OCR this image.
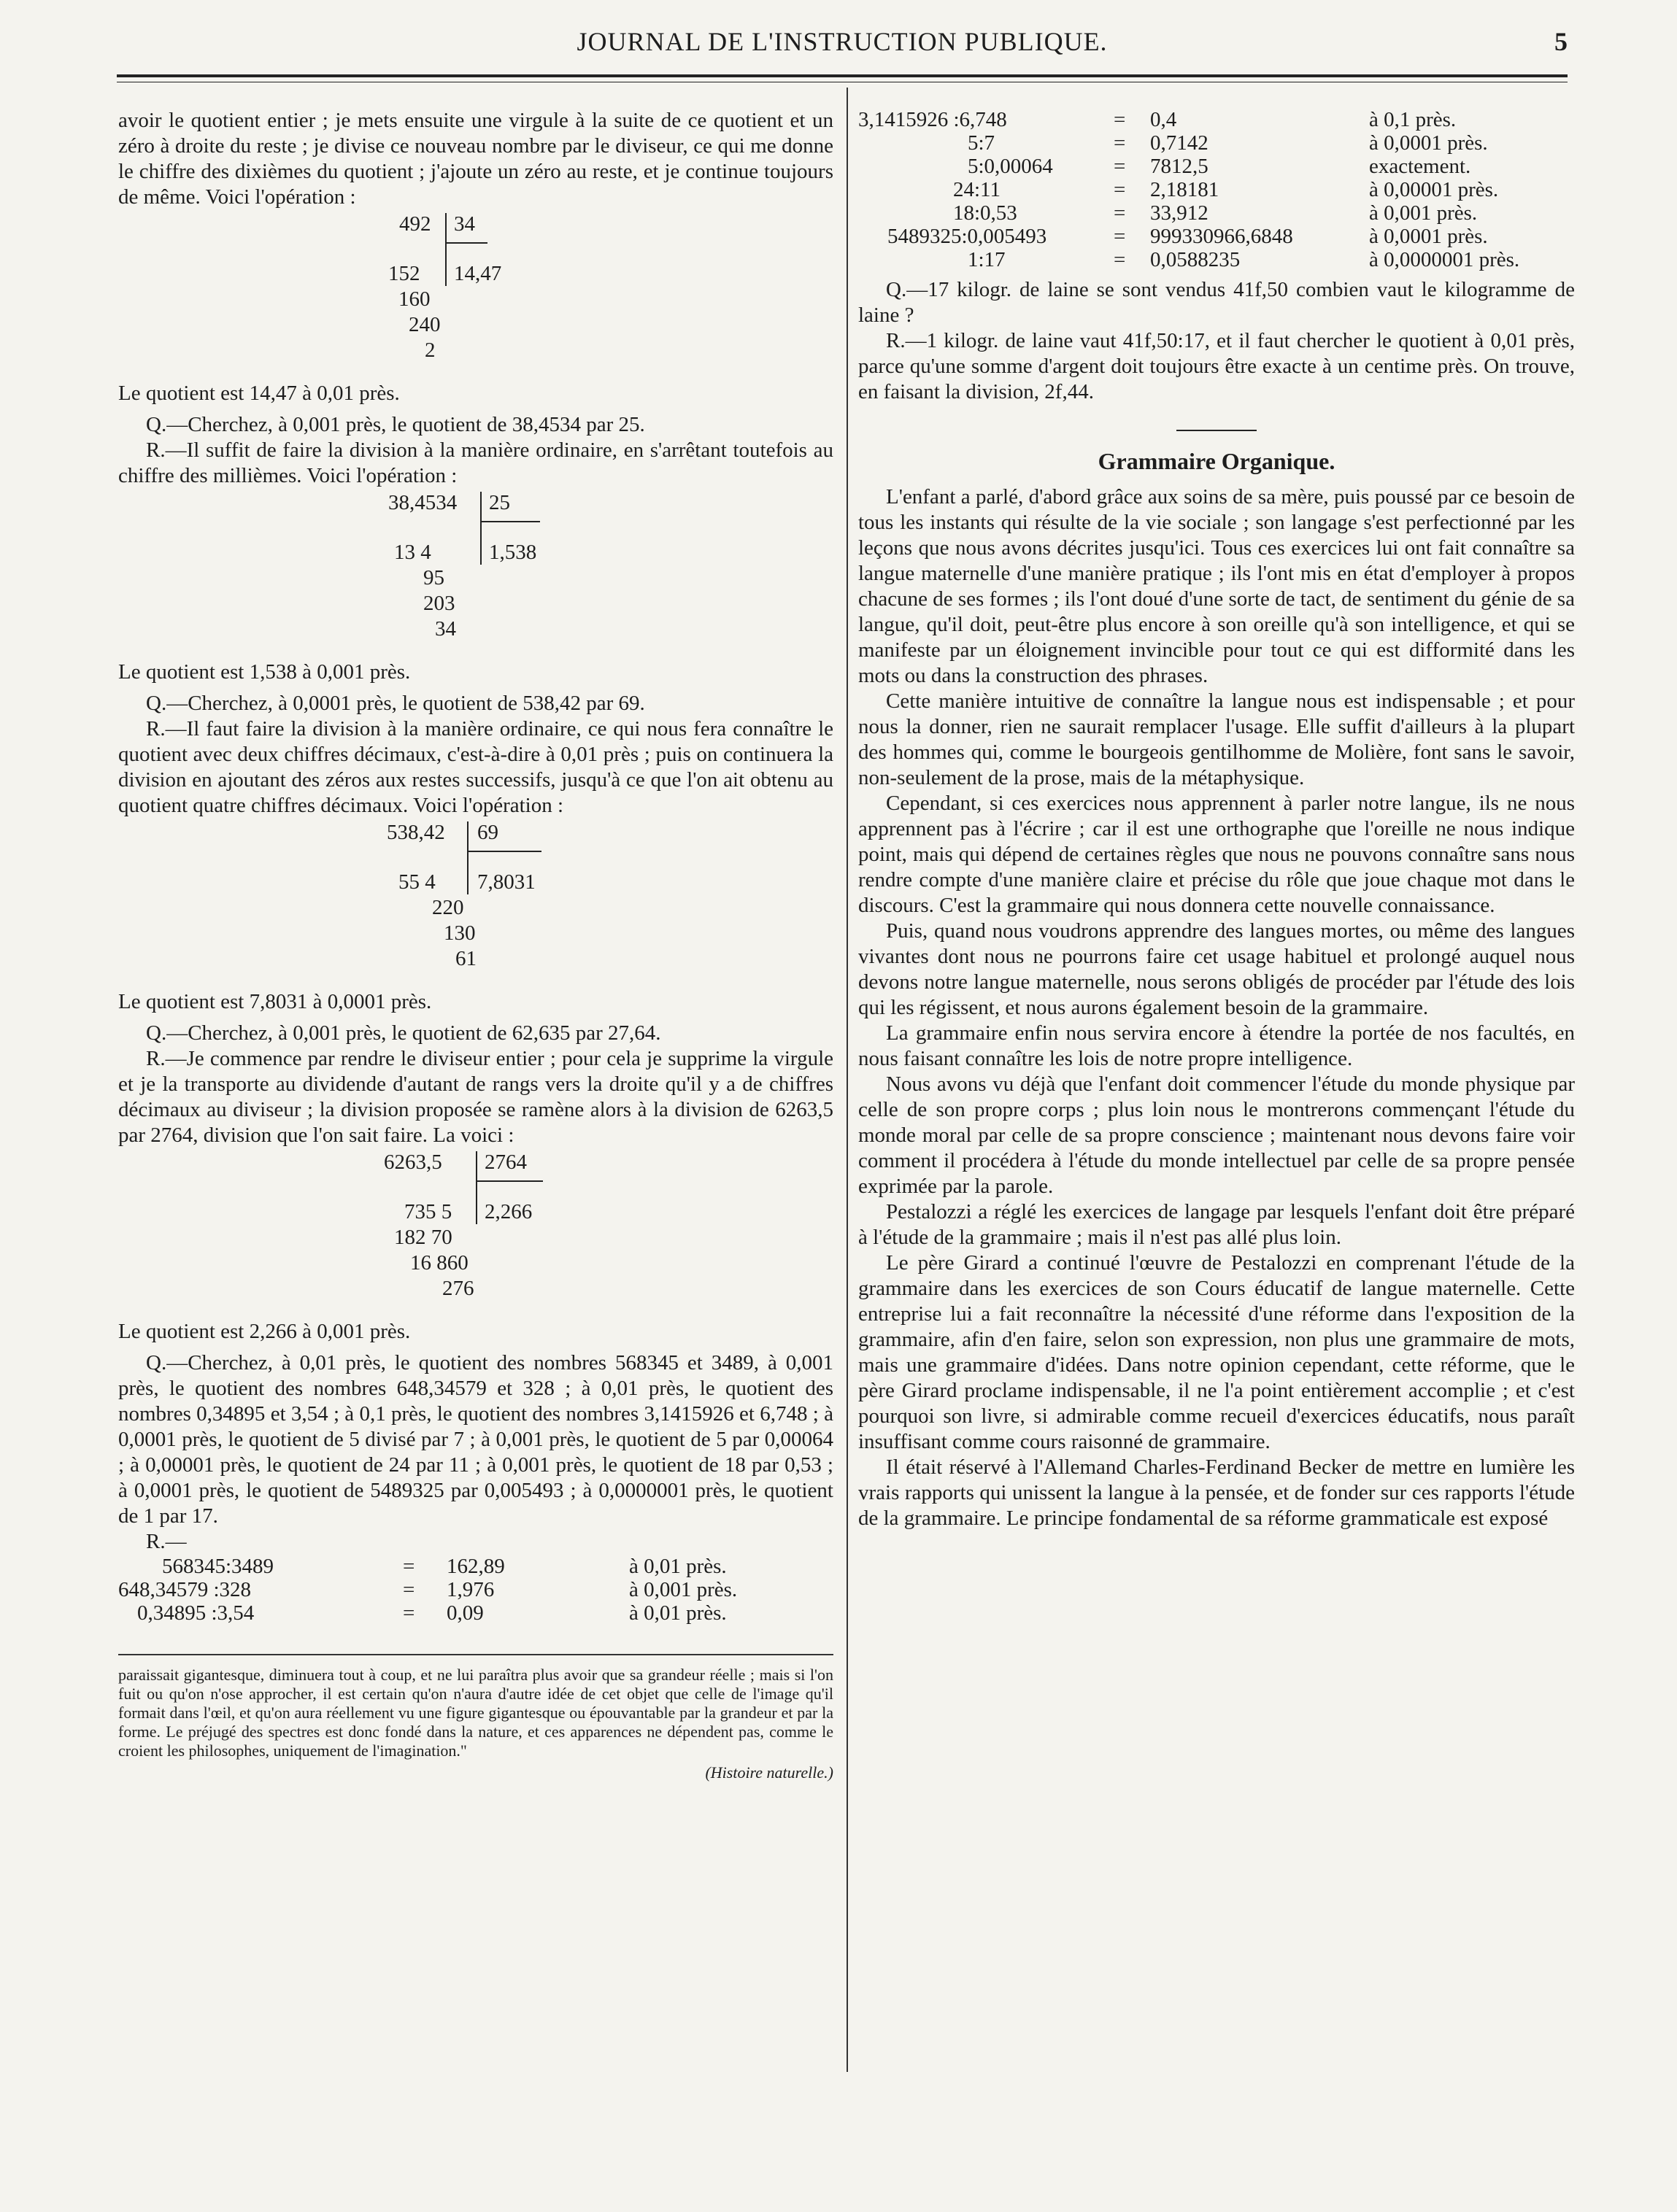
JOURNAL DE L'INSTRUCTION PUBLIQUE.	5

avoir le quotient entier ; je mets ensuite une virgule à la suite de ce quotient et un zéro à droite du reste ; je divise ce nouveau nombre par le diviseur, ce qui me donne le chiffre des dixièmes du quotient ; j'ajoute un zéro au reste, et je continue toujours de même. Voici l'opération :

492 34
152 14,47
160
240
2

Le quotient est 14,47 à 0,01 près.

Q.—Cherchez, à 0,001 près, le quotient de 38,4534 par 25.

R.—Il suffit de faire la division à la manière ordinaire, en s'arrêtant toutefois au chiffre des millièmes. Voici l'opération :

38,4534 25
13 4	1,538
95
203
34

Le quotient est 1,538 à 0,001 près.

Q.—Cherchez, à 0,0001 près, le quotient de 538,42 par 69.

R.—Il faut faire la division à la manière ordinaire, ce qui nous fera connaître le quotient avec deux chiffres décimaux, c'est-à-dire à 0,01 près ; puis on continuera la division en ajoutant des zéros aux restes successifs, jusqu'à ce que l'on ait obtenu au quotient quatre chiffres décimaux. Voici l'opération :

538,42 69
55 4 7,8031
220
130
61

Le quotient est 7,8031 à 0,0001 près.

Q.—Cherchez, à 0,001 près, le quotient de 62,635 par 27,64.

R.—Je commence par rendre le diviseur entier ; pour cela je supprime la virgule et je la transporte au dividende d'autant de rangs vers la droite qu'il y a de chiffres décimaux au diviseur ; la division proposée se ramène alors à la division de 6263,5 par 2764, division que l'on sait faire. La voici :

6263,5 2764
735 5 2,266
182 70
16 860
276

Le quotient est 2,266 à 0,001 près.

Q.—Cherchez, à 0,01 près, le quotient des nombres 568345 et 3489, à 0,001 près, le quotient des nombres 648,34579 et 328 ; à 0,01 près, le quotient des nombres 0,34895 et 3,54 ; à 0,1 près, le quotient des nombres 3,1415926 et 6,748 ; à 0,0001 près, le quotient de 5 divisé par 7 ; à 0,001 près, le quotient de 5 par 0,00064 ; à 0,00001 près, le quotient de 24 par 11 ; à 0,001 près, le quotient de 18 par 0,53 ; à 0,0001 près, le quotient de 5489325 par 0,005493 ; à 0,0000001 près, le quotient de 1 par 17.

R.—

568345:3489	=	162,89	à 0,01 près.
648,34579 :328	=	1,976	à 0,001 près.
0,34895 :3,54	=	0,09	à 0,01 près.
paraissait gigantesque, diminuera tout à coup, et ne lui paraîtra plus avoir que sa grandeur réelle ; mais si l'on fuit ou qu'on n'ose approcher, il est certain qu'on n'aura d'autre idée de cet objet que celle de l'image qu'il formait dans l'œil, et qu'on aura réellement vu une figure gigantesque ou épouvantable par la grandeur et par la forme. Le préjugé des spectres est donc fondé dans la nature, et ces apparences ne dépendent pas, comme le croient les philosophes, uniquement de l'imagination."
(Histoire naturelle.)
3,1415926 :6,748	=	0,4	à 0,1 près.
5:7	=	0,7142	à 0,0001 près.
5:0,00064	=	7812,5	exactement.
24:11	=	2,18181	à 0,00001 près.
18:0,53	=	33,912	à 0,001 près.
5489325:0,005493	=	999330966,6848	à 0,0001 près.
1:17	=	0,0588235	à 0,0000001 près.

Q.—17 kilogr. de laine se sont vendus 41f,50 combien vaut le kilogramme de laine ?

R.—1 kilogr. de laine vaut 41f,50:17, et il faut chercher le quotient à 0,01 près, parce qu'une somme d'argent doit toujours être exacte à un centime près. On trouve, en faisant la division, 2f,44.

Grammaire Organique.

L'enfant a parlé, d'abord grâce aux soins de sa mère, puis poussé par ce besoin de tous les instants qui résulte de la vie sociale ; son langage s'est perfectionné par les leçons que nous avons décrites jusqu'ici. Tous ces exercices lui ont fait connaître sa langue maternelle d'une manière pratique ; ils l'ont mis en état d'employer à propos chacune de ses formes ; ils l'ont doué d'une sorte de tact, de sentiment du génie de sa langue, qu'il doit, peut-être plus encore à son oreille qu'à son intelligence, et qui se manifeste par un éloignement invincible pour tout ce qui est difformité dans les mots ou dans la construction des phrases.

Cette manière intuitive de connaître la langue nous est indispensable ; et pour nous la donner, rien ne saurait remplacer l'usage. Elle suffit d'ailleurs à la plupart des hommes qui, comme le bourgeois gentilhomme de Molière, font sans le savoir, non-seulement de la prose, mais de la métaphysique.

Cependant, si ces exercices nous apprennent à parler notre langue, ils ne nous apprennent pas à l'écrire ; car il est une orthographe que l'oreille ne nous indique point, mais qui dépend de certaines règles que nous ne pouvons connaître sans nous rendre compte d'une manière claire et précise du rôle que joue chaque mot dans le discours. C'est la grammaire qui nous donnera cette nouvelle connaissance.

Puis, quand nous voudrons apprendre des langues mortes, ou même des langues vivantes dont nous ne pourrons faire cet usage habituel et prolongé auquel nous devons notre langue maternelle, nous serons obligés de procéder par l'étude des lois qui les régissent, et nous aurons également besoin de la grammaire.

La grammaire enfin nous servira encore à étendre la portée de nos facultés, en nous faisant connaître les lois de notre propre intelligence.

Nous avons vu déjà que l'enfant doit commencer l'étude du monde physique par celle de son propre corps ; plus loin nous le montrerons commençant l'étude du monde moral par celle de sa propre conscience ; maintenant nous devons faire voir comment il procédera à l'étude du monde intellectuel par celle de sa propre pensée exprimée par la parole.

Pestalozzi a réglé les exercices de langage par lesquels l'enfant doit être préparé à l'étude de la grammaire ; mais il n'est pas allé plus loin.

Le père Girard a continué l'œuvre de Pestalozzi en comprenant l'étude de la grammaire dans les exercices de son Cours éducatif de langue maternelle. Cette entreprise lui a fait reconnaître la nécessité d'une réforme dans l'exposition de la grammaire, afin d'en faire, selon son expression, non plus une grammaire de mots, mais une grammaire d'idées. Dans notre opinion cependant, cette réforme, que le père Girard proclame indispensable, il ne l'a point entièrement accomplie ; et c'est pourquoi son livre, si admirable comme recueil d'exercices éducatifs, nous paraît insuffisant comme cours raisonné de grammaire.

Il était réservé à l'Allemand Charles-Ferdinand Becker de mettre en lumière les vrais rapports qui unissent la langue à la pensée, et de fonder sur ces rapports l'étude de la grammaire. Le principe fondamental de sa réforme grammaticale est exposé
